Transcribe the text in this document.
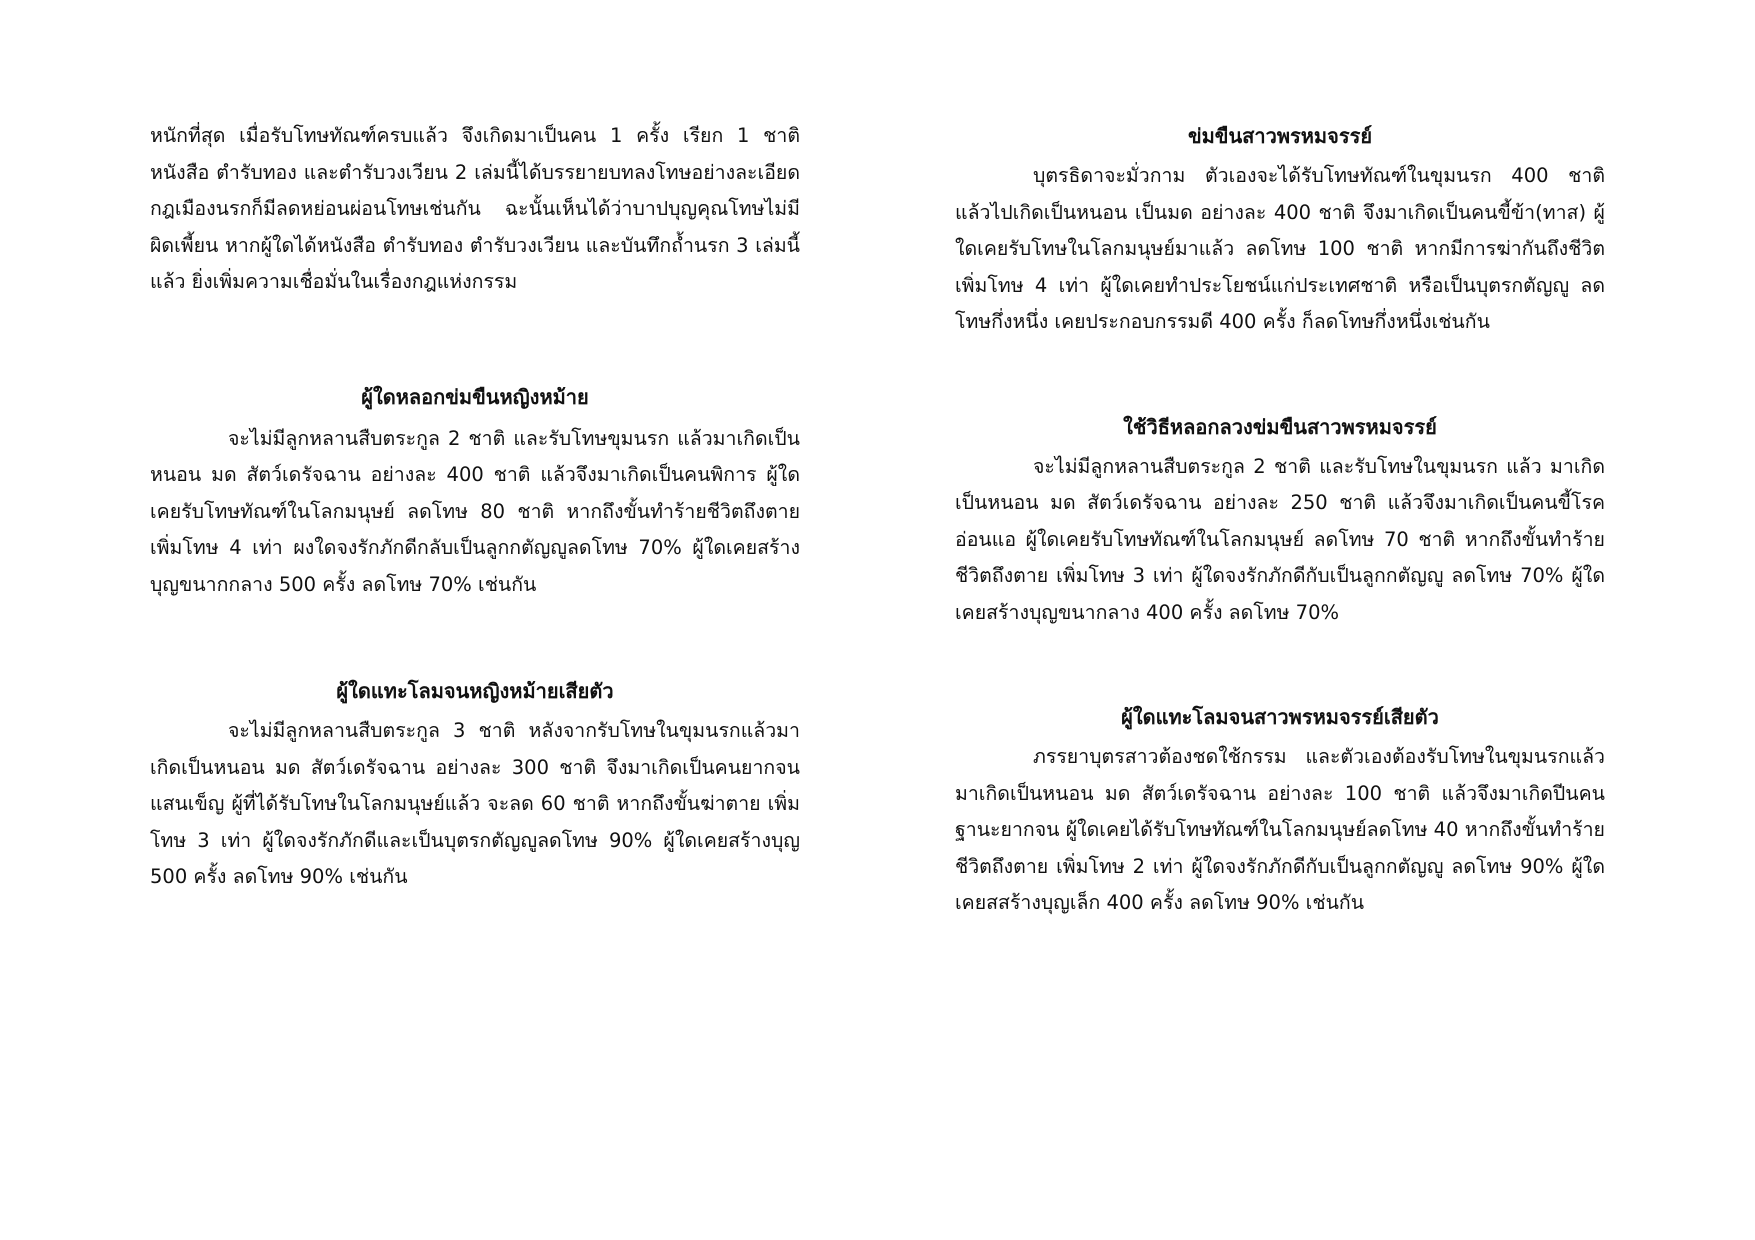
หนักที่สุด เมื่อรับโทษทัณฑ์ครบแล้ว จึงเกิดมาเป็นคน 1 ครั้ง เรียก 1 ชาติ หนังสือ ตำรับทอง และตำรับวงเวียน 2 เล่มนี้ได้บรรยายบทลงโทษอย่างละเอียด กฎเมืองนรกก็มีลดหย่อนผ่อนโทษเช่นกัน ฉะนั้นเห็นได้ว่าบาปบุญคุณโทษไม่มีผิดเพี้ยน หากผู้ใดได้หนังสือ ตำรับทอง ตำรับวงเวียน และบันทึกถ้ำนรก 3 เล่มนี้แล้ว ยิ่งเพิ่มความเชื่อมั่นในเรื่องกฎแห่งกรรม

ผู้ใดหลอกข่มขืนหญิงหม้าย

จะไม่มีลูกหลานสืบตระกูล 2 ชาติ และรับโทษขุมนรก แล้วมาเกิดเป็นหนอน มด สัตว์เดรัจฉาน อย่างละ 400 ชาติ แล้วจึงมาเกิดเป็นคนพิการ ผู้ใดเคยรับโทษทัณฑ์ในโลกมนุษย์ ลดโทษ 80 ชาติ หากถึงขั้นทำร้ายชีวิตถึงตาย เพิ่มโทษ 4 เท่า ผงใดจงรักภักดีกลับเป็นลูกกตัญญูลดโทษ 70% ผู้ใดเคยสร้างบุญขนากกลาง 500 ครั้ง ลดโทษ 70% เช่นกัน

ผู้ใดแทะโลมจนหญิงหม้ายเสียตัว

จะไม่มีลูกหลานสืบตระกูล 3 ชาติ หลังจากรับโทษในขุมนรกแล้วมาเกิดเป็นหนอน มด สัตว์เดรัจฉาน อย่างละ 300 ชาติ จึงมาเกิดเป็นคนยากจนแสนเข็ญ ผู้ที่ได้รับโทษในโลกมนุษย์แล้ว จะลด 60 ชาติ หากถึงขั้นฆ่าตาย เพิ่มโทษ 3 เท่า ผู้ใดจงรักภักดีและเป็นบุตรกตัญญูลดโทษ 90% ผู้ใดเคยสร้างบุญ 500 ครั้ง ลดโทษ 90% เช่นกัน

ข่มขืนสาวพรหมจรรย์

บุตรธิดาจะมั่วกาม ตัวเองจะได้รับโทษทัณฑ์ในขุมนรก 400 ชาติ แล้วไปเกิดเป็นหนอน เป็นมด อย่างละ 400 ชาติ จึงมาเกิดเป็นคนขี้ข้า(ทาส) ผู้ใดเคยรับโทษในโลกมนุษย์มาแล้ว ลดโทษ 100 ชาติ หากมีการฆ่ากันถึงชีวิต เพิ่มโทษ 4 เท่า ผู้ใดเคยทำประโยชน์แก่ประเทศชาติ หรือเป็นบุตรกตัญญู ลดโทษกึ่งหนึ่ง เคยประกอบกรรมดี 400 ครั้ง ก็ลดโทษกึ่งหนึ่งเช่นกัน

ใช้วิธีหลอกลวงข่มขืนสาวพรหมจรรย์

จะไม่มีลูกหลานสืบตระกูล 2 ชาติ และรับโทษในขุมนรก แล้ว มาเกิดเป็นหนอน มด สัตว์เดรัจฉาน อย่างละ 250 ชาติ แล้วจึงมาเกิดเป็นคนขี้โรค อ่อนแอ ผู้ใดเคยรับโทษทัณฑ์ในโลกมนุษย์ ลดโทษ 70 ชาติ หากถึงขั้นทำร้ายชีวิตถึงตาย เพิ่มโทษ 3 เท่า ผู้ใดจงรักภักดีกับเป็นลูกกตัญญู ลดโทษ 70% ผู้ใดเคยสร้างบุญขนากลาง 400 ครั้ง ลดโทษ 70%

ผู้ใดแทะโลมจนสาวพรหมจรรย์เสียตัว

ภรรยาบุตรสาวต้องชดใช้กรรม และตัวเองต้องรับโทษในขุมนรกแล้วมาเกิดเป็นหนอน มด สัตว์เดรัจฉาน อย่างละ 100 ชาติ แล้วจึงมาเกิดปีนคนฐานะยากจน ผู้ใดเคยได้รับโทษทัณฑ์ในโลกมนุษย์ลดโทษ 40 หากถึงขั้นทำร้ายชีวิตถึงตาย เพิ่มโทษ 2 เท่า ผู้ใดจงรักภักดีกับเป็นลูกกตัญญู ลดโทษ 90% ผู้ใดเคยสสร้างบุญเล็ก 400 ครั้ง ลดโทษ 90% เช่นกัน
